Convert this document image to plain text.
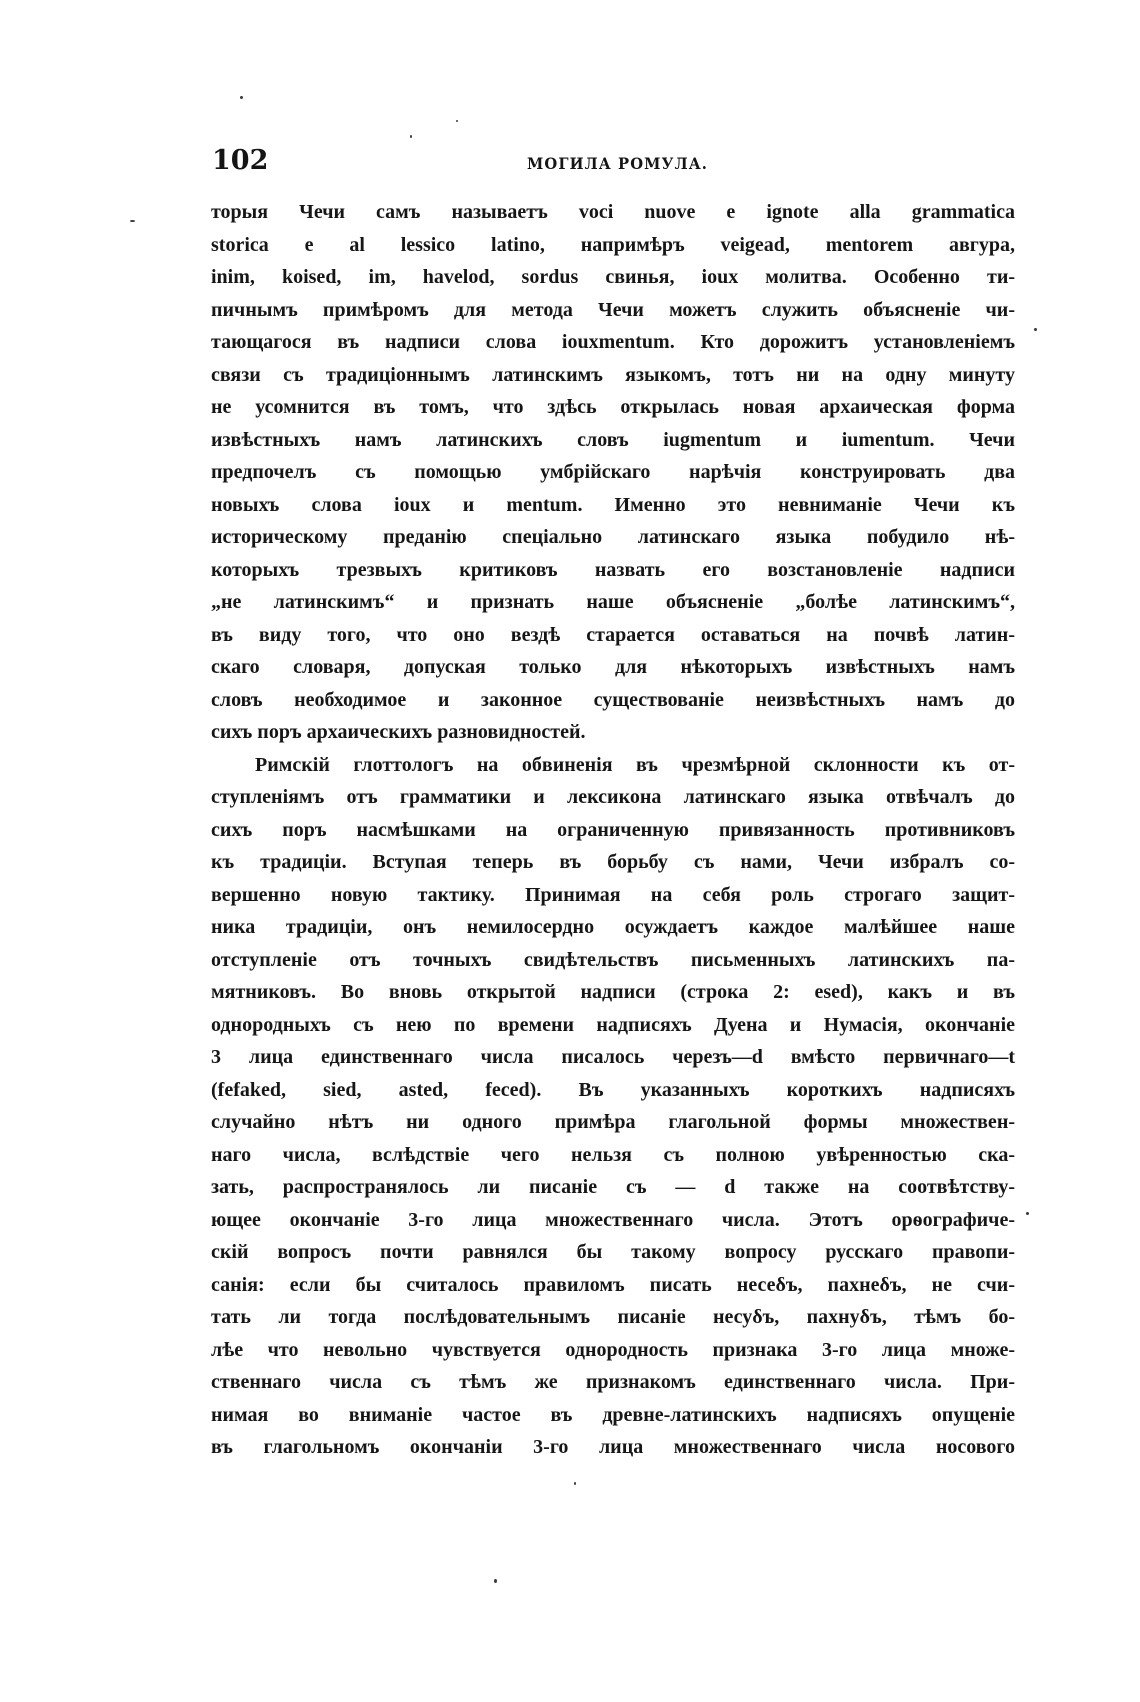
102	МОГИЛА РОМУЛА.
торыя Чечи самъ называетъ voci nuove e ignote alla grammatica
storica e al lessico latino, напримѣръ veigead, mentorem авгура,
inim, koised, im, havelod, sordus свинья, ioux молитва. Особенно ти-
пичнымъ примѣромъ для метода Чечи можетъ служить объясненіе чи-
тающагося въ надписи слова iouxmentum. Кто дорожитъ установленіемъ
связи съ традиціоннымъ латинскимъ языкомъ, тотъ ни на одну минуту
не усомнится въ томъ, что здѣсь открылась новая архаическая форма
извѣстныхъ намъ латинскихъ словъ iugmentum и iumentum. Чечи
предпочелъ съ помощью умбрійскаго нарѣчія конструировать два
новыхъ слова ioux и mentum. Именно это невниманіе Чечи къ
историческому преданію спеціально латинскаго языка побудило нѣ-
которыхъ трезвыхъ критиковъ назвать его возстановленіе надписи
„не латинскимъ“ и признать наше объясненіе „болѣе латинскимъ“,
въ виду того, что оно вездѣ старается оставаться на почвѣ латин-
скаго словаря, допуская только для нѣкоторыхъ извѣстныхъ намъ
словъ необходимое и законное существованіе неизвѣстныхъ намъ до
сихъ поръ архаическихъ разновидностей.
Римскій глоттологъ на обвиненія въ чрезмѣрной склонности къ от-
ступленіямъ отъ грамматики и лексикона латинскаго языка отвѣчалъ до
сихъ поръ насмѣшками на ограниченную привязанность противниковъ
къ традиціи. Вступая теперь въ борьбу съ нами, Чечи избралъ со-
вершенно новую тактику. Принимая на себя роль строгаго защит-
ника традиціи, онъ немилосердно осуждаетъ каждое малѣйшее наше
отступленіе отъ точныхъ свидѣтельствъ письменныхъ латинскихъ па-
мятниковъ. Во вновь открытой надписи (строка 2: esed), какъ и въ
однородныхъ съ нею по времени надписяхъ Дуена и Нумасія, окончаніе
3 лица единственнаго числа писалось черезъ—d вмѣсто первичнаго—t
(fefaked, sied, asted, feced). Въ указанныхъ короткихъ надписяхъ
случайно нѣтъ ни одного примѣра глагольной формы множествен-
наго числа, вслѣдствіе чего нельзя съ полною увѣренностью ска-
зать, распространялось ли писаніе съ — d также на соотвѣтству-
ющее окончаніе 3-го лица множественнаго числа. Этотъ орѳографиче-
скій вопросъ почти равнялся бы такому вопросу русскаго правопи-
санія: если бы считалось правиломъ писать несеδъ, пахнеδъ, не счи-
тать ли тогда послѣдовательнымъ писаніе несуδъ, пахнуδъ, тѣмъ бо-
лѣе что невольно чувствуется однородность признака 3-го лица множе-
ственнаго числа съ тѣмъ же признакомъ единственнаго числа. При-
нимая во вниманіе частое въ древне-латинскихъ надписяхъ опущеніе
въ глагольномъ окончаніи 3-го лица множественнаго числа носового
